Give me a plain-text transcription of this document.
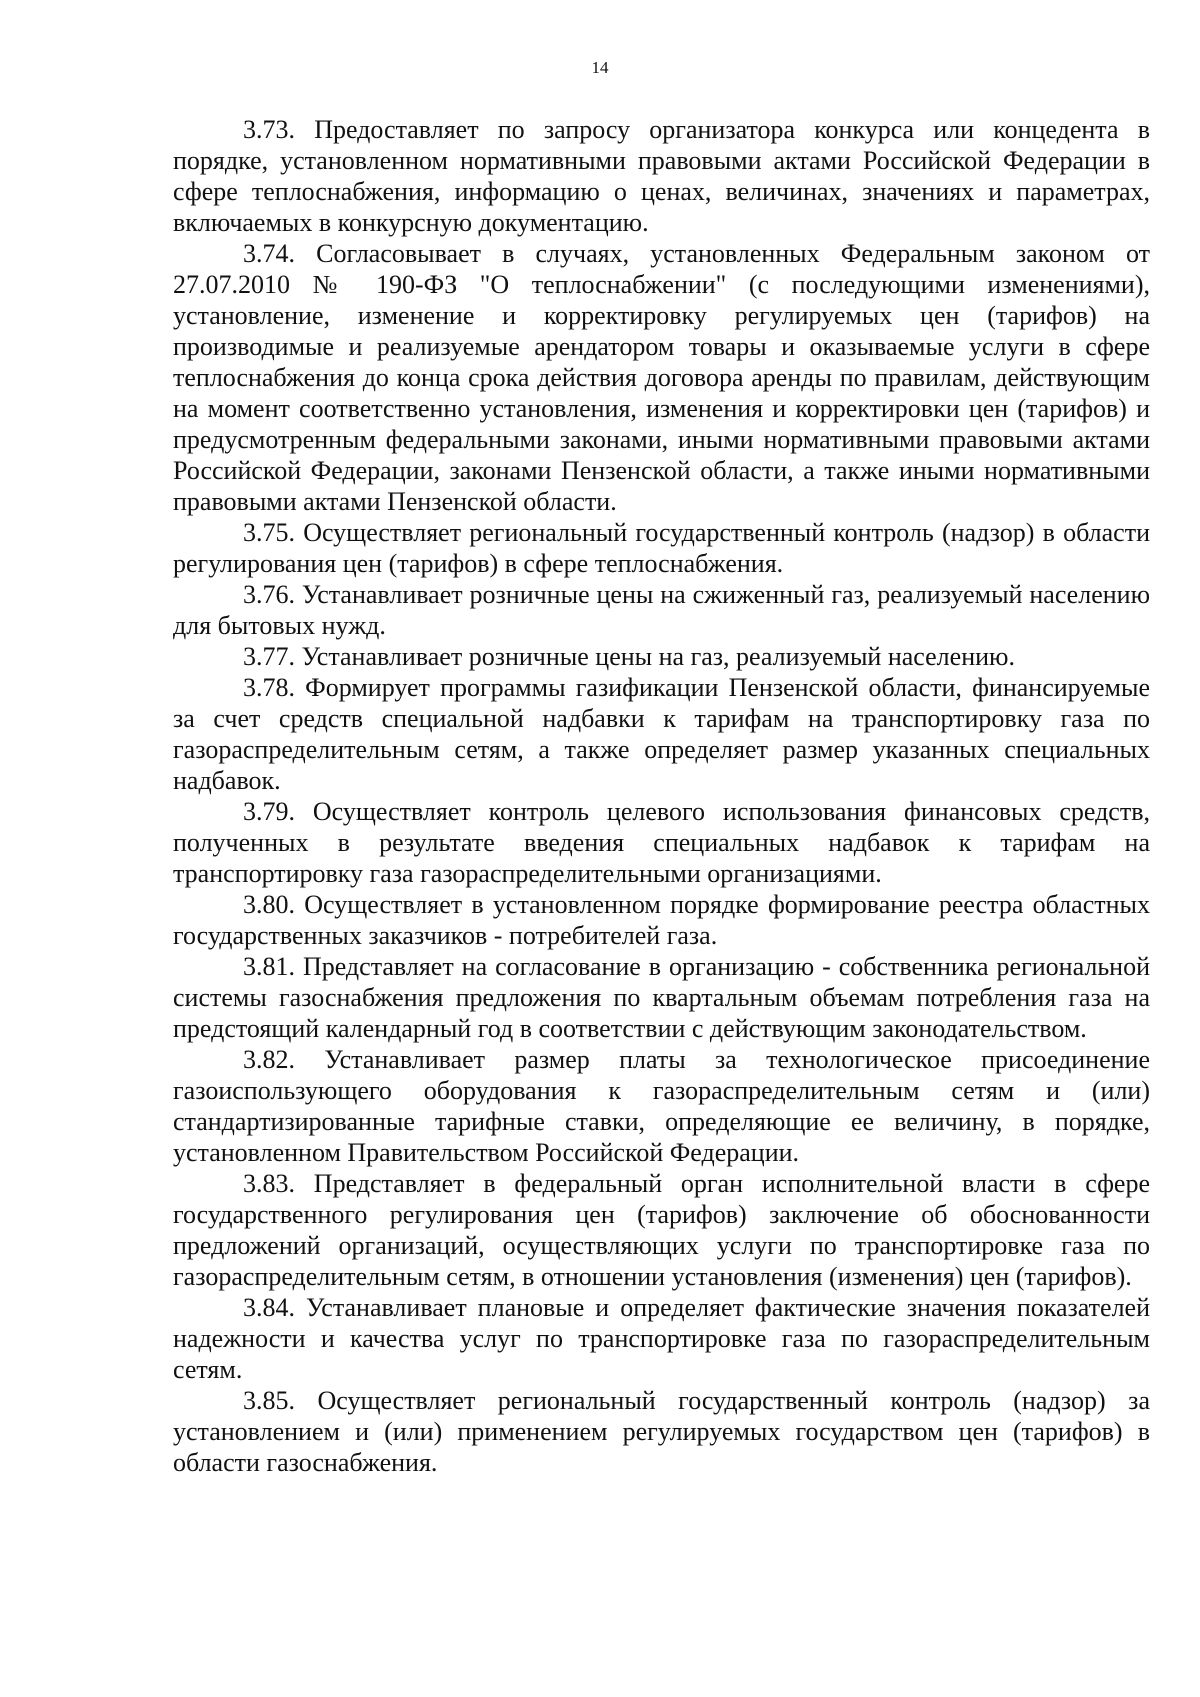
14

3.73. Предоставляет по запросу организатора конкурса или концедента в порядке, установленном нормативными правовыми актами Российской Федерации в сфере теплоснабжения, информацию о ценах, величинах, значениях и параметрах, включаемых в конкурсную документацию.

3.74. Согласовывает в случаях, установленных Федеральным законом от 27.07.2010 № 190-ФЗ "О теплоснабжении" (с последующими изменениями), установление, изменение и корректировку регулируемых цен (тарифов) на производимые и реализуемые арендатором товары и оказываемые услуги в сфере теплоснабжения до конца срока действия договора аренды по правилам, действующим на момент соответственно установления, изменения и корректировки цен (тарифов) и предусмотренным федеральными законами, иными нормативными правовыми актами Российской Федерации, законами Пензенской области, а также иными нормативными правовыми актами Пензенской области.

3.75. Осуществляет региональный государственный контроль (надзор) в области регулирования цен (тарифов) в сфере теплоснабжения.

3.76. Устанавливает розничные цены на сжиженный газ, реализуемый населению для бытовых нужд.

3.77. Устанавливает розничные цены на газ, реализуемый населению.

3.78. Формирует программы газификации Пензенской области, финансируемые за счет средств специальной надбавки к тарифам на транспортировку газа по газораспределительным сетям, а также определяет размер указанных специальных надбавок.

3.79. Осуществляет контроль целевого использования финансовых средств, полученных в результате введения специальных надбавок к тарифам на транспортировку газа газораспределительными организациями.

3.80. Осуществляет в установленном порядке формирование реестра областных государственных заказчиков - потребителей газа.

3.81. Представляет на согласование в организацию - собственника региональной системы газоснабжения предложения по квартальным объемам потребления газа на предстоящий календарный год в соответствии с действующим законодательством.

3.82. Устанавливает размер платы за технологическое присоединение газоиспользующего оборудования к газораспределительным сетям и (или) стандартизированные тарифные ставки, определяющие ее величину, в порядке, установленном Правительством Российской Федерации.

3.83. Представляет в федеральный орган исполнительной власти в сфере государственного регулирования цен (тарифов) заключение об обоснованности предложений организаций, осуществляющих услуги по транспортировке газа по газораспределительным сетям, в отношении установления (изменения) цен (тарифов).

3.84. Устанавливает плановые и определяет фактические значения показателей надежности и качества услуг по транспортировке газа по газораспределительным сетям.

3.85. Осуществляет региональный государственный контроль (надзор) за установлением и (или) применением регулируемых государством цен (тарифов) в области газоснабжения.
